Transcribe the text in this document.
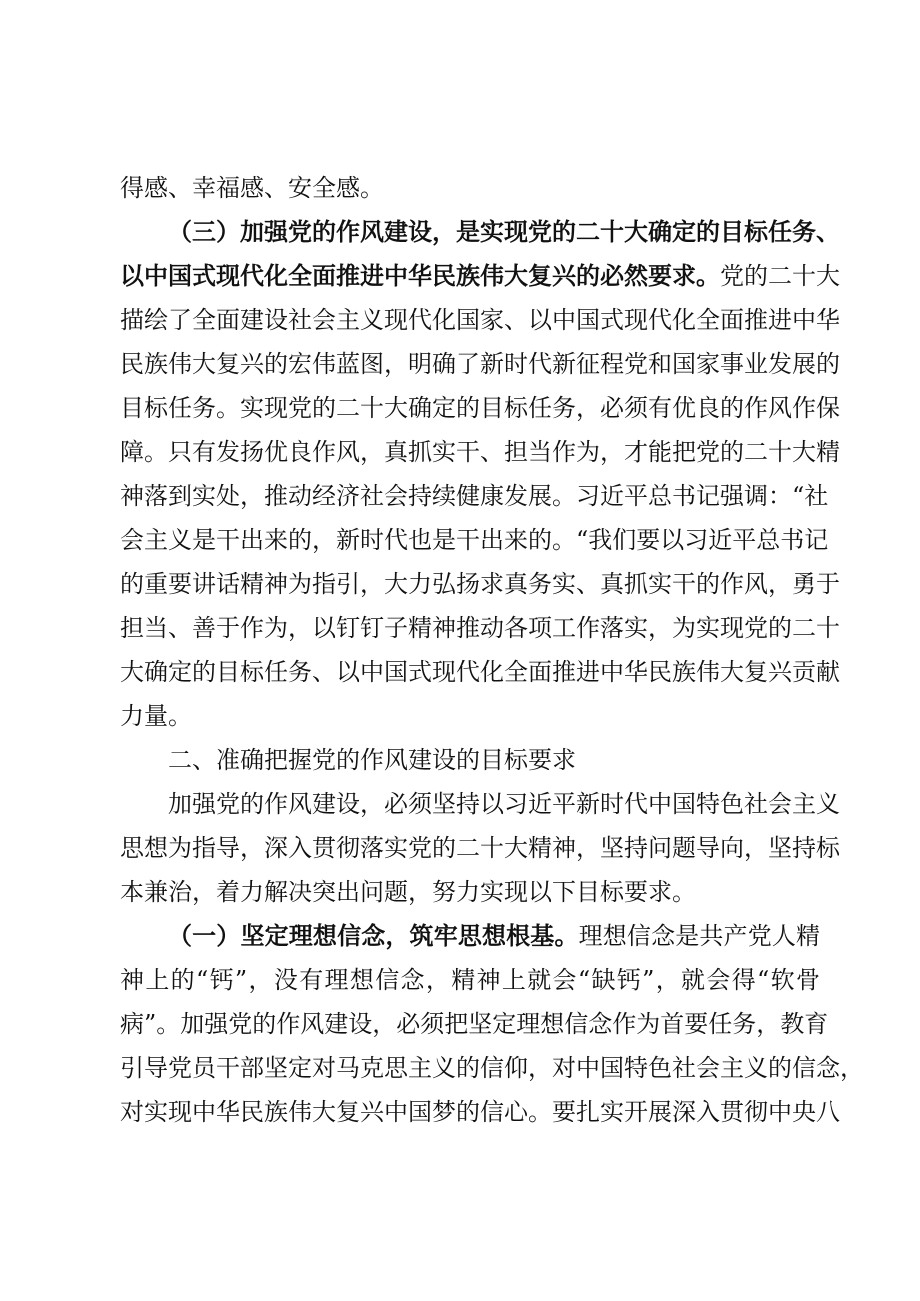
得感、幸福感、安全感。
（三）加强党的作风建设，是实现党的二十大确定的目标任务、
以中国式现代化全面推进中华民族伟大复兴的必然要求。党的二十大
描绘了全面建设社会主义现代化国家、以中国式现代化全面推进中华
民族伟大复兴的宏伟蓝图，明确了新时代新征程党和国家事业发展的
目标任务。实现党的二十大确定的目标任务，必须有优良的作风作保
障。只有发扬优良作风，真抓实干、担当作为，才能把党的二十大精
神落到实处，推动经济社会持续健康发展。习近平总书记强调：“社
会主义是干出来的，新时代也是干出来的。“我们要以习近平总书记
的重要讲话精神为指引，大力弘扬求真务实、真抓实干的作风，勇于
担当、善于作为，以钉钉子精神推动各项工作落实，为实现党的二十
大确定的目标任务、以中国式现代化全面推进中华民族伟大复兴贡献
力量。
二、准确把握党的作风建设的目标要求
加强党的作风建设，必须坚持以习近平新时代中国特色社会主义
思想为指导，深入贯彻落实党的二十大精神，坚持问题导向，坚持标
本兼治，着力解决突出问题，努力实现以下目标要求。
（一）坚定理想信念，筑牢思想根基。理想信念是共产党人精
神上的“钙”，没有理想信念，精神上就会“缺钙”，就会得“软骨
病”。加强党的作风建设，必须把坚定理想信念作为首要任务，教育
引导党员干部坚定对马克思主义的信仰，对中国特色社会主义的信念，
对实现中华民族伟大复兴中国梦的信心。要扎实开展深入贯彻中央八
